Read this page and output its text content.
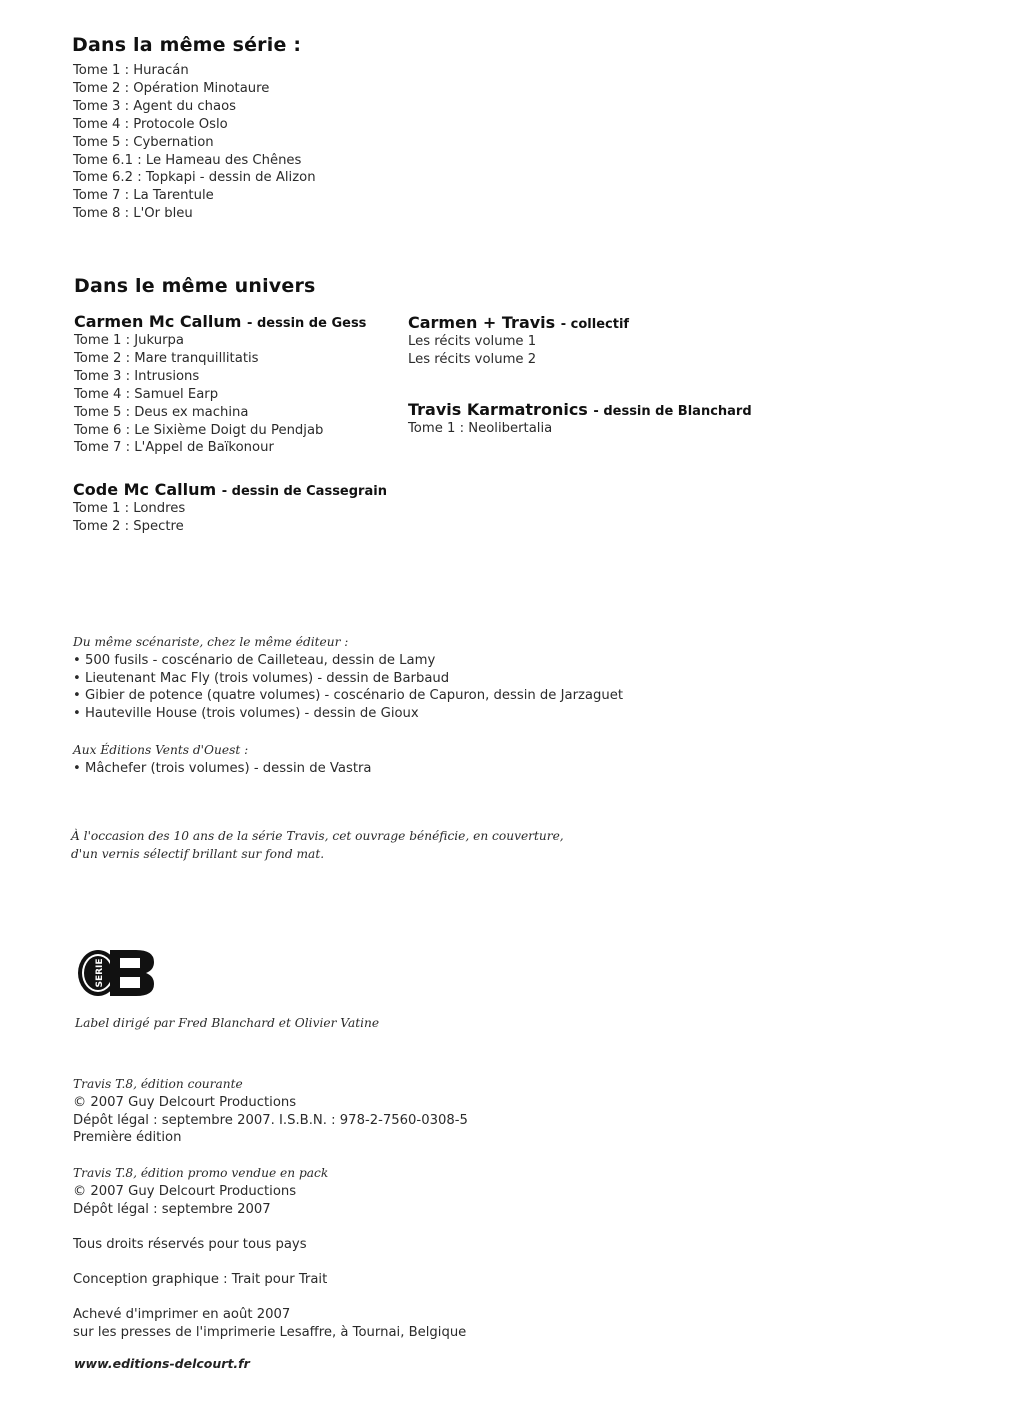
Dans la même série :
Tome 1 : Huracán
Tome 2 : Opération Minotaure
Tome 3 : Agent du chaos
Tome 4 : Protocole Oslo
Tome 5 : Cybernation
Tome 6.1 : Le Hameau des Chênes
Tome 6.2 : Topkapi - dessin de Alizon
Tome 7 : La Tarentule
Tome 8 : L'Or bleu
Dans le même univers
Carmen Mc Callum - dessin de Gess
Tome 1 : Jukurpa
Tome 2 : Mare tranquillitatis
Tome 3 : Intrusions
Tome 4 : Samuel Earp
Tome 5 : Deus ex machina
Tome 6 : Le Sixième Doigt du Pendjab
Tome 7 : L'Appel de Baïkonour
Code Mc Callum - dessin de Cassegrain
Tome 1 : Londres
Tome 2 : Spectre
Carmen + Travis - collectif
Les récits volume 1
Les récits volume 2
Travis Karmatronics - dessin de Blanchard
Tome 1 : Neolibertalia
Du même scénariste, chez le même éditeur :
• 500 fusils - coscénario de Cailleteau, dessin de Lamy
• Lieutenant Mac Fly (trois volumes) - dessin de Barbaud
• Gibier de potence (quatre volumes) - coscénario de Capuron, dessin de Jarzaguet
• Hauteville House (trois volumes) - dessin de Gioux
Aux Éditions Vents d'Ouest :
• Mâchefer (trois volumes) - dessin de Vastra
À l'occasion des 10 ans de la série Travis, cet ouvrage bénéficie, en couverture,
d'un vernis sélectif brillant sur fond mat.
SERIE
Label dirigé par Fred Blanchard et Olivier Vatine
Travis T.8, édition courante
© 2007 Guy Delcourt Productions
Dépôt légal : septembre 2007. I.S.B.N. : 978-2-7560-0308-5
Première édition
Travis T.8, édition promo vendue en pack
© 2007 Guy Delcourt Productions
Dépôt légal : septembre 2007
Tous droits réservés pour tous pays
Conception graphique : Trait pour Trait
Achevé d'imprimer en août 2007
sur les presses de l'imprimerie Lesaffre, à Tournai, Belgique
www.editions-delcourt.fr
